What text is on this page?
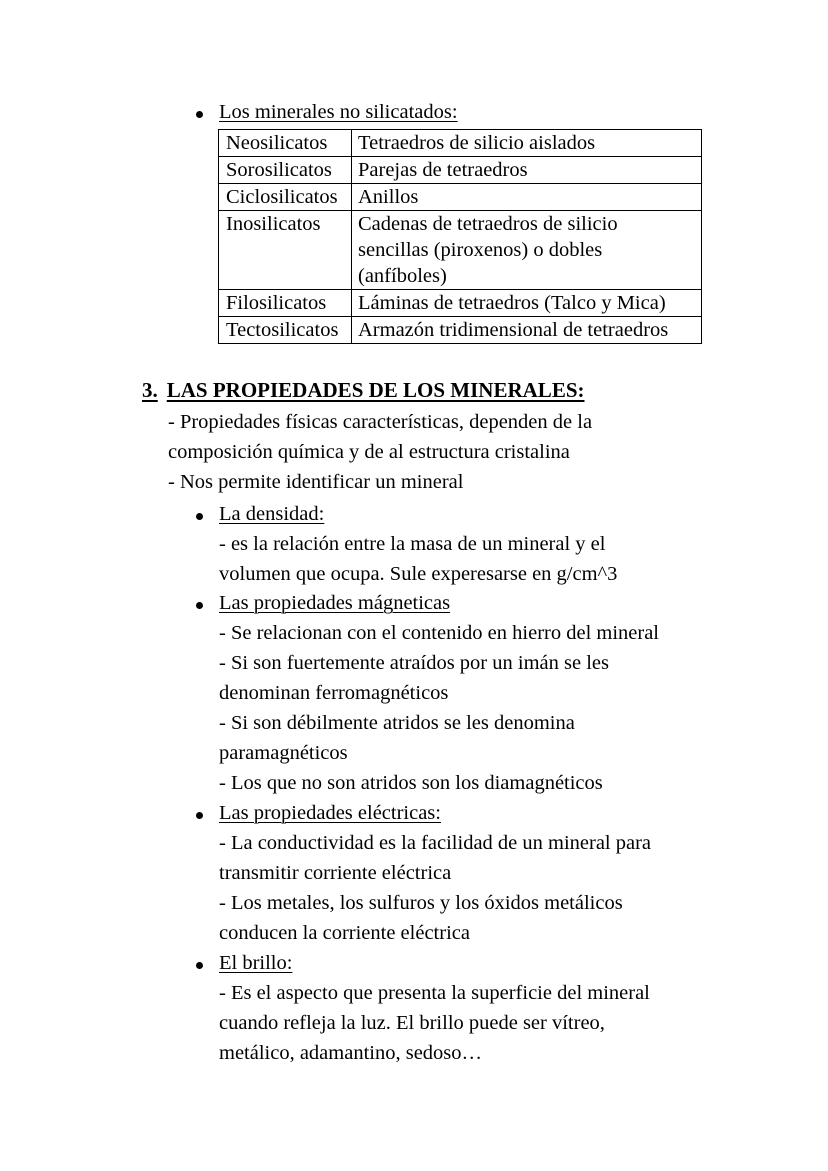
Los minerales no silicatados:
Neosilicatos	Tetraedros de silicio aislados
Sorosilicatos	Parejas de tetraedros
Ciclosilicatos	Anillos
Inosilicatos	Cadenas de tetraedros de silicio
sencillas (piroxenos) o dobles
(anfíboles)
Filosilicatos	Láminas de tetraedros (Talco y Mica)
Tectosilicatos	Armazón tridimensional de tetraedros
3. LAS PROPIEDADES DE LOS MINERALES:
- Propiedades físicas características, dependen de la
composición química y de al estructura cristalina
- Nos permite identificar un mineral
La densidad:
- es la relación entre la masa de un mineral y el
volumen que ocupa. Sule experesarse en g/cm^3
Las propiedades mágneticas
- Se relacionan con el contenido en hierro del mineral
- Si son fuertemente atraídos por un imán se les
denominan ferromagnéticos
- Si son débilmente atridos se les denomina
paramagnéticos
- Los que no son atridos son los diamagnéticos
Las propiedades eléctricas:
- La conductividad es la facilidad de un mineral para
transmitir corriente eléctrica
- Los metales, los sulfuros y los óxidos metálicos
conducen la corriente eléctrica
El brillo:
- Es el aspecto que presenta la superficie del mineral
cuando refleja la luz. El brillo puede ser vítreo,
metálico, adamantino, sedoso…
